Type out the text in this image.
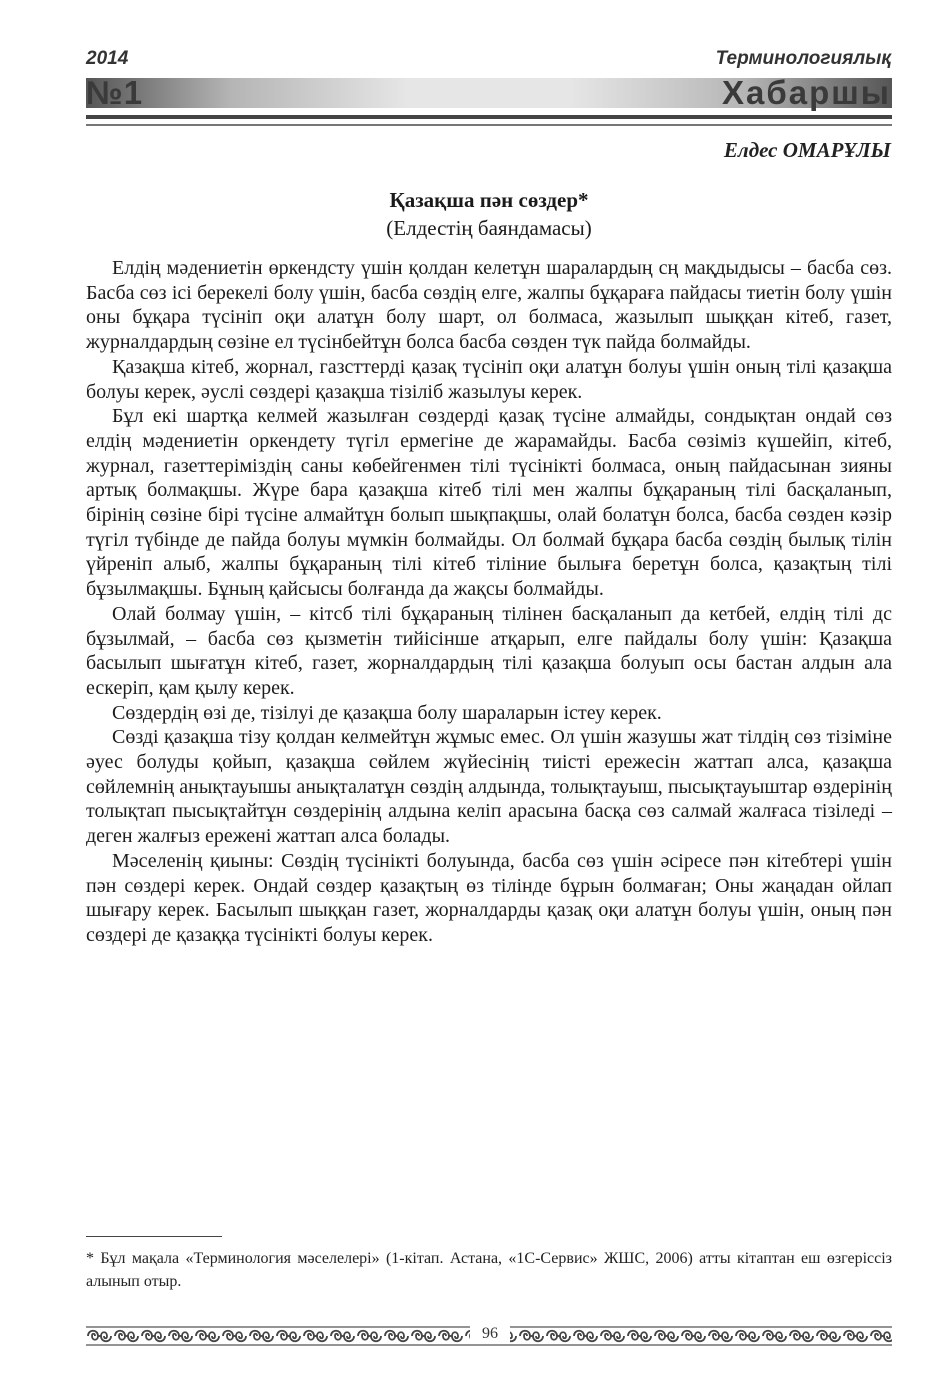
2014	Терминологиялық
№1	Хабаршы
Елдес ОМАРҰЛЫ
Қазақша пән сөздер*
(Елдестің баяндамасы)

Елдің мәдениетін өркендсту үшін қолдан келетұн шаралардың сң мақдыдысы – басба сөз. Басба сөз ісі берекелі болу үшін, басба сөздің елге, жалпы бұқараға пайдасы тиетін болу үшін оны бұқара түсініп оқи алатұн болу шарт, ол болмаса, жазылып шыққан кітеб, газет, журналдардың сөзіне ел түсінбейтұн болса басба сөзден түк пайда болмайды.

Қазақша кітеб, жорнал, газсттерді қазақ түсініп оқи алатұн болуы үшін оның тілі қазақша болуы керек, әуслі сөздері қазақша тізіліб жазылуы керек.

Бұл екі шартқа келмей жазылған сөздерді қазақ түсіне алмайды, сондықтан ондай сөз елдің мәдениетін оркендету түгіл ермегіне де жарамайды. Басба сөзіміз күшейіп, кітеб, журнал, газеттеріміздің саны көбейгенмен тілі түсінікті болмаса, оның пайдасынан зияны артық болмақшы. Жүре бара қазақша кітеб тілі мен жалпы бұқараның тілі басқаланып, бірінің сөзіне бірі түсіне алмайтұн болып шықпақшы, олай болатұн болса, басба сөзден кәзір түгіл түбінде де пайда болуы мүмкін болмайды. Ол болмай бұқара басба сөздің былық тілін үйреніп алыб, жалпы бұқараның тілі кітеб тіліние былыға беретұн болса, қазақтың тілі бұзылмақшы. Бұның қайсысы болғанда да жақсы болмайды.

Олай болмау үшін, – кітсб тілі бұқараның тілінен басқаланып да кетбей, елдің тілі дс бұзылмай, – басба сөз қызметін тийісінше атқарып, елге пайдалы болу үшін: Қазақша басылып шығатұн кітеб, газет, жорналдардың тілі қазақша болуып осы бастан алдын ала ескеріп, қам қылу керек.

Сөздердің өзі де, тізілуі де қазақша болу шараларын істеу керек.

Сөзді қазақша тізу қолдан келмейтұн жұмыс емес. Ол үшін жазушы жат тілдің сөз тізіміне әуес болуды қойып, қазақша сөйлем жүйесінің тиісті ережесін жаттап алса, қазақша сөйлемнің анықтауышы анықталатұн сөздің алдында, толықтауыш, пысықтауыштар өздерінің толықтап пысықтайтұн сөздерінің алдына келіп арасына басқа сөз салмай жалғаса тізіледі – деген жалғыз ережені жаттап алса болады.

Мәселенің қиыны: Сөздің түсінікті болуында, басба сөз үшін әсіресе пән кітебтері үшін пән сөздері керек. Ондай сөздер қазақтың өз тілінде бұрын болмаған; Оны жаңадан ойлап шығару керек. Басылып шыққан газет, жорналдарды қазақ оқи алатұн болуы үшін, оның пән сөздері де қазаққа түсінікті болуы керек.

* Бұл мақала «Терминология мәселелері» (1-кітап. Астана, «1С-Сервис» ЖШС, 2006) атты кітаптан еш өзгеріссіз алынып отыр.
96
